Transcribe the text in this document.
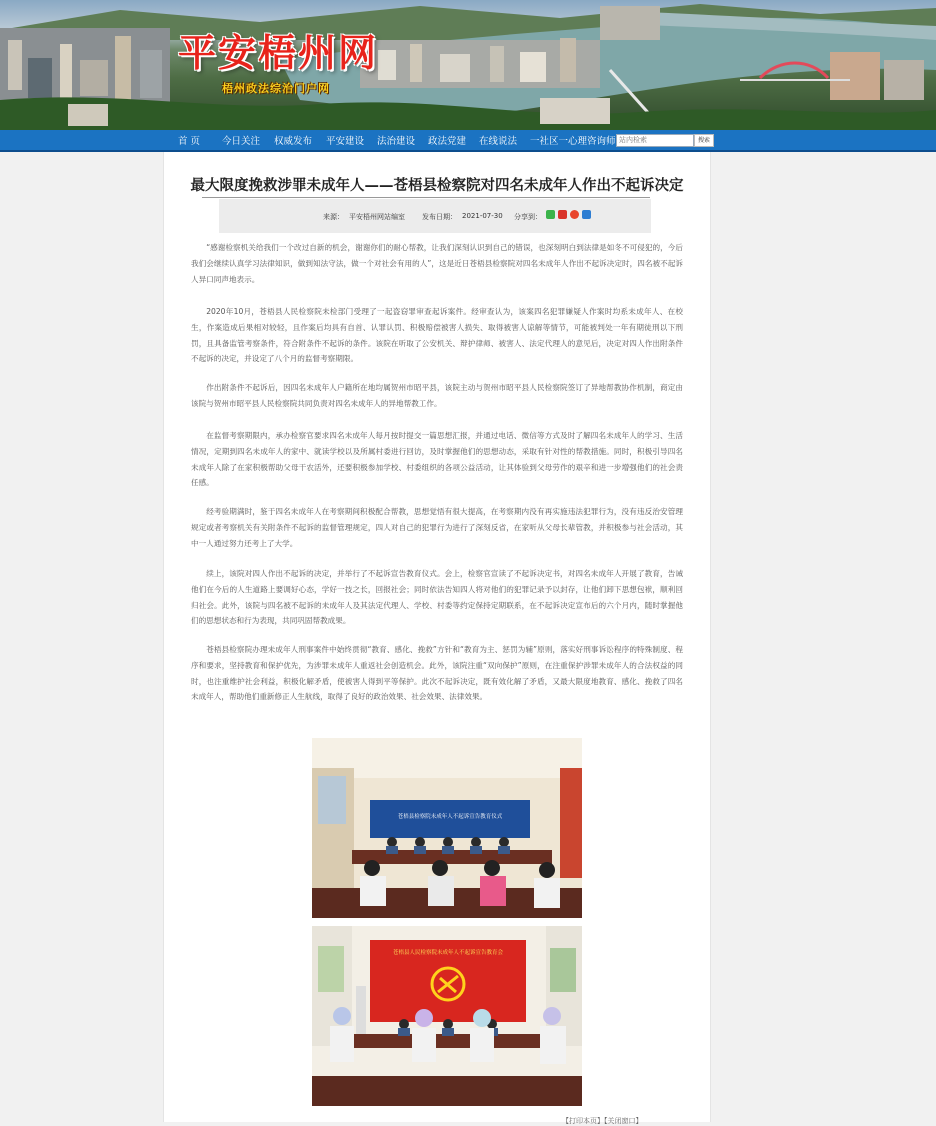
平安梧州网
梧州政法综治门户网
首 页 今日关注 权威发布 平安建设 法治建设 政法党建 在线说法 一社区一心理咨询师
站内检索	搜索
最大限度挽救涉罪未成年人——苍梧县检察院对四名未成年人作出不起诉决定
来源： 平安梧州网站编室 发布日期： 2021-07-30 分享到：

“感谢检察机关给我们一个改过自新的机会，谢谢你们的耐心帮教，让我们深刻认识到自己的错误，也深刻明白到法律是如冬不可侵犯的，今后我们会继续认真学习法律知识，做到知法守法，做一个对社会有用的人”，这是近日苍梧县检察院对四名未成年人作出不起诉决定时，四名被不起诉人异口同声地表示。

2020年10月，苍梧县人民检察院未检部门受理了一起盗窃罪审查起诉案件。经审查认为，该案四名犯罪嫌疑人作案时均系未成年人、在校生，作案造成后果相对较轻，且作案后均具有自首、认罪认罚、积极赔偿被害人损失、取得被害人谅解等情节，可能被判处一年有期徒刑以下刑罚，且具备监管考察条件，符合附条件不起诉的条件。该院在听取了公安机关、辩护律师、被害人、法定代理人的意见后，决定对四人作出附条件不起诉的决定，并设定了八个月的监督考察期限。

作出附条件不起诉后，因四名未成年人户籍所在地均属贺州市昭平县，该院主动与贺州市昭平县人民检察院签订了异地帮教协作机制，商定由该院与贺州市昭平县人民检察院共同负责对四名未成年人的异地帮教工作。

在监督考察期限内，承办检察官要求四名未成年人每月按时提交一篇思想汇报，并通过电话、微信等方式及时了解四名未成年人的学习、生活情况，定期到四名未成年人的家中、就读学校以及所属村委进行回访，及时掌握他们的思想动态，采取有针对性的帮教措施。同时，积极引导四名未成年人除了在家积极帮助父母干农活外，还要积极参加学校、村委组织的各项公益活动，让其体验到父母劳作的艰辛和进一步增强他们的社会责任感。

经考验期满时，鉴于四名未成年人在考察期间积极配合帮教，思想觉悟有很大提高，在考察期内没有再实施违法犯罪行为，没有违反治安管理规定或者考察机关有关附条件不起诉的监督管理规定，四人对自己的犯罪行为进行了深刻反省，在家听从父母长辈管教，并积极参与社会活动，其中一人通过努力还考上了大学。

续上，该院对四人作出不起诉的决定，并举行了不起诉宣告教育仪式。会上，检察官宣读了不起诉决定书，对四名未成年人开展了教育，告诫他们在今后的人生道路上要调好心态，学好一技之长，回报社会；同时依法告知四人将对他们的犯罪记录予以封存，让他们卸下思想包袱，顺利回归社会。此外，该院与四名被不起诉的未成年人及其法定代理人、学校、村委等约定保持定期联系，在不起诉决定宣布后的六个月内，随时掌握他们的思想状态和行为表现，共同巩固帮教成果。

苍梧县检察院办理未成年人刑事案件中始终贯彻“教育、感化、挽救”方针和“教育为主、惩罚为辅”原则，落实好刑事诉讼程序的特殊制度、程序和要求，坚持教育和保护优先，为涉罪未成年人重返社会创造机会。此外，该院注重“双向保护”原则，在注重保护涉罪未成年人的合法权益的同时，也注重维护社会利益，积极化解矛盾，使被害人得到平等保护。此次不起诉决定，既有效化解了矛盾，又最大限度地教育、感化、挽救了四名未成年人，帮助他们重新修正人生航线，取得了良好的政治效果、社会效果、法律效果。

苍梧县检察院未成年人不起诉宣告教育仪式
苍梧县人民检察院未成年人不起诉宣告教育会
【打印本页】【关闭窗口】
